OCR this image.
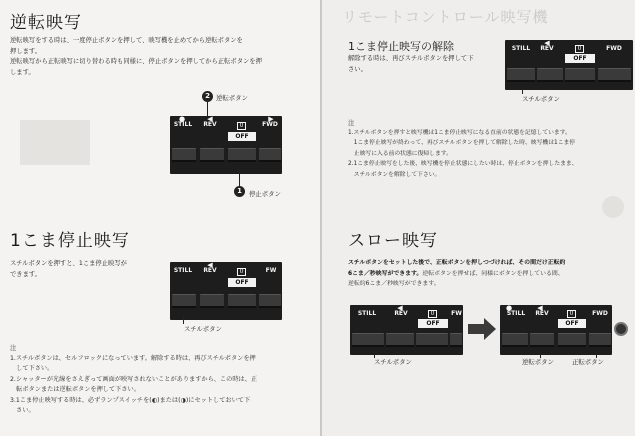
逆転映写
逆転映写をする時は、一度停止ボタンを押して、映写機を止めてから逆転ボタンを
押します。
逆転映写から正転映写に切り替わる時も同様に、停止ボタンを押してから正転ボタンを押
します。
2 逆転ボタン
●	◀	▶
STILL	REV
OFF
0	FWD
1	停止ボタン
1こま停止映写
スチルボタンを押すと、1こま停止映写が
できます。
◀
STILL	REV
OFF
0	FW
スチルボタン
注
1.スチルボタンは、セルフロックになっています。解除する時は、再びスチルボタンを押
　して下さい。
2.シャッターが光線をさえぎって画面が映写されないことがありますから、この時は、正
　転ボタンまたは逆転ボタンを押して下さい。
3.1こま停止映写する時は、必ずランプスイッチを(◐)または(◑)にセットしておいて下
　さい。
リモートコントロール映写機
1こま停止映写の解除
解除する時は、再びスチルボタンを押して下
さい。
◀
STILL	REV
OFF
0	FWD
スチルボタン
注
1.スチルボタンを押すと映写機は1こま停止映写になる直前の状態を記憶しています。
　1こま停止映写が終わって、再びスチルボタンを押して解除した時、映写機は1こま停
　止映写に入る前の状態に復帰します。
2.1こま停止映写をした後、映写機を停止状態にしたい時は、停止ボタンを押したまま、
　スチルボタンを解除して下さい。
スロー映写
スチルボタンをセットした後で、正転ボタンを押しつづければ、その間だけ正転約
6こま／秒映写ができます。逆転ボタンを押せば、同様にボタンを押している間、
逆転約6こま／秒映写ができます。
◀
STILL	REV
OFF
0	FW
スチルボタン
●	◀
STILL	REV
OFF
0	FWD
逆転ボタン	正転ボタン
